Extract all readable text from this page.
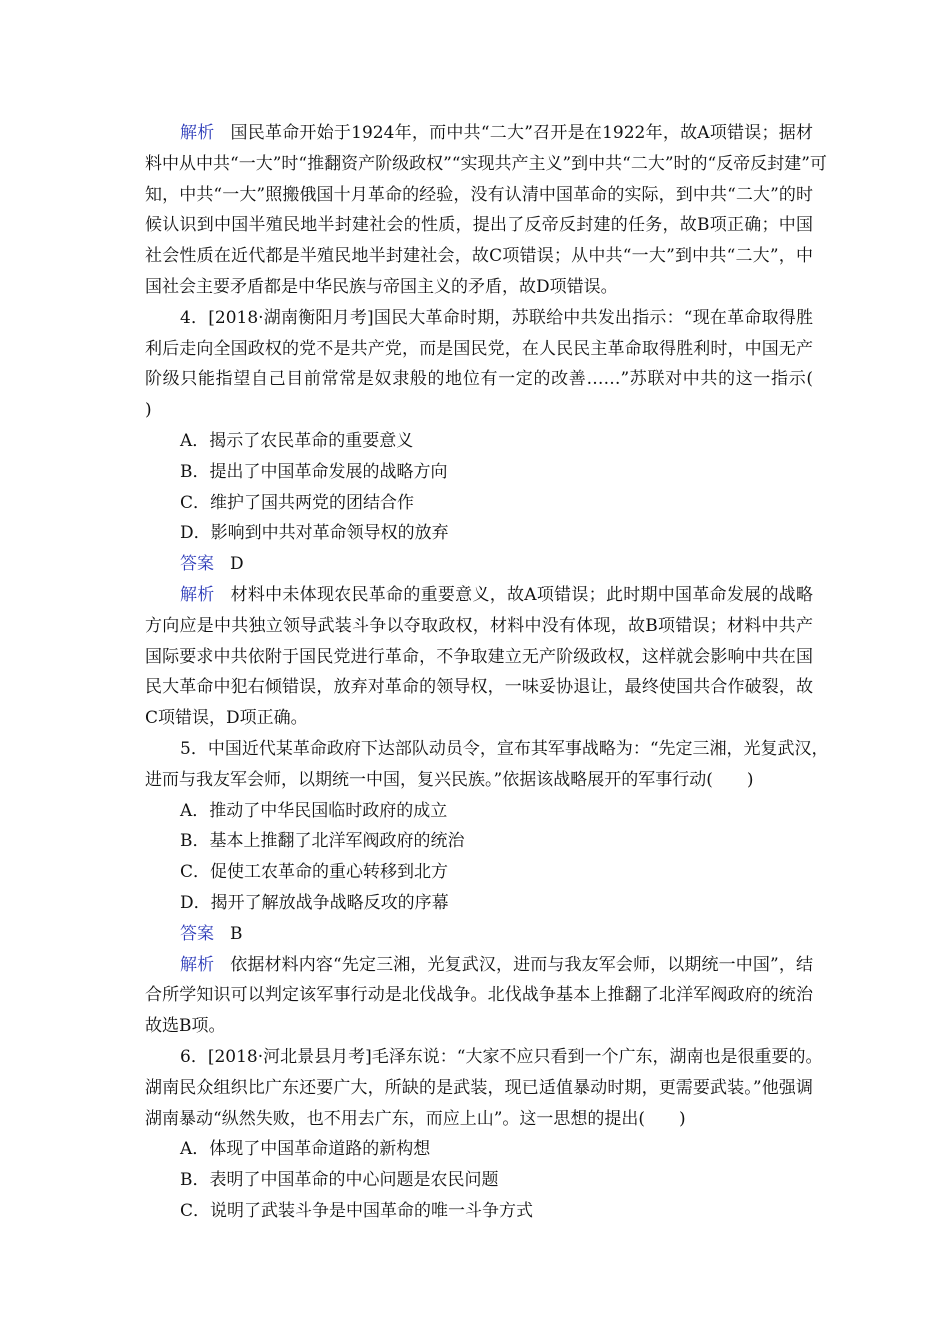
解析 国民革命开始于1924年，而中共“二大”召开是在1922年，故A项错误；据材
料中从中共“一大”时“推翻资产阶级政权”“实现共产主义”到中共“二大”时的“反帝反封建”可
知，中共“一大”照搬俄国十月革命的经验，没有认清中国革命的实际，到中共“二大”的时
候认识到中国半殖民地半封建社会的性质，提出了反帝反封建的任务，故B项正确；中国
社会性质在近代都是半殖民地半封建社会，故C项错误；从中共“一大”到中共“二大”，中
国社会主要矛盾都是中华民族与帝国主义的矛盾，故D项错误。
4．[2018·湖南衡阳月考]国民大革命时期，苏联给中共发出指示：“现在革命取得胜
利后走向全国政权的党不是共产党，而是国民党，在人民民主革命取得胜利时，中国无产
阶级只能指望自己目前常常是奴隶般的地位有一定的改善……”苏联对中共的这一指示(
)
A．揭示了农民革命的重要意义
B．提出了中国革命发展的战略方向
C．维护了国共两党的团结合作
D．影响到中共对革命领导权的放弃
答案 D
解析 材料中未体现农民革命的重要意义，故A项错误；此时期中国革命发展的战略
方向应是中共独立领导武装斗争以夺取政权，材料中没有体现，故B项错误；材料中共产
国际要求中共依附于国民党进行革命，不争取建立无产阶级政权，这样就会影响中共在国
民大革命中犯右倾错误，放弃对革命的领导权，一味妥协退让，最终使国共合作破裂，故
C项错误，D项正确。
5．中国近代某革命政府下达部队动员令，宣布其军事战略为：“先定三湘，光复武汉，
进而与我友军会师，以期统一中国，复兴民族。”依据该战略展开的军事行动(　　)
A．推动了中华民国临时政府的成立
B．基本上推翻了北洋军阀政府的统治
C．促使工农革命的重心转移到北方
D．揭开了解放战争战略反攻的序幕
答案 B
解析 依据材料内容“先定三湘，光复武汉，进而与我友军会师，以期统一中国”，结
合所学知识可以判定该军事行动是北伐战争。北伐战争基本上推翻了北洋军阀政府的统治
故选B项。
6．[2018·河北景县月考]毛泽东说：“大家不应只看到一个广东，湖南也是很重要的。
湖南民众组织比广东还要广大，所缺的是武装，现已适值暴动时期，更需要武装。”他强调
湖南暴动“纵然失败，也不用去广东，而应上山”。这一思想的提出(　　)
A．体现了中国革命道路的新构想
B．表明了中国革命的中心问题是农民问题
C．说明了武装斗争是中国革命的唯一斗争方式
